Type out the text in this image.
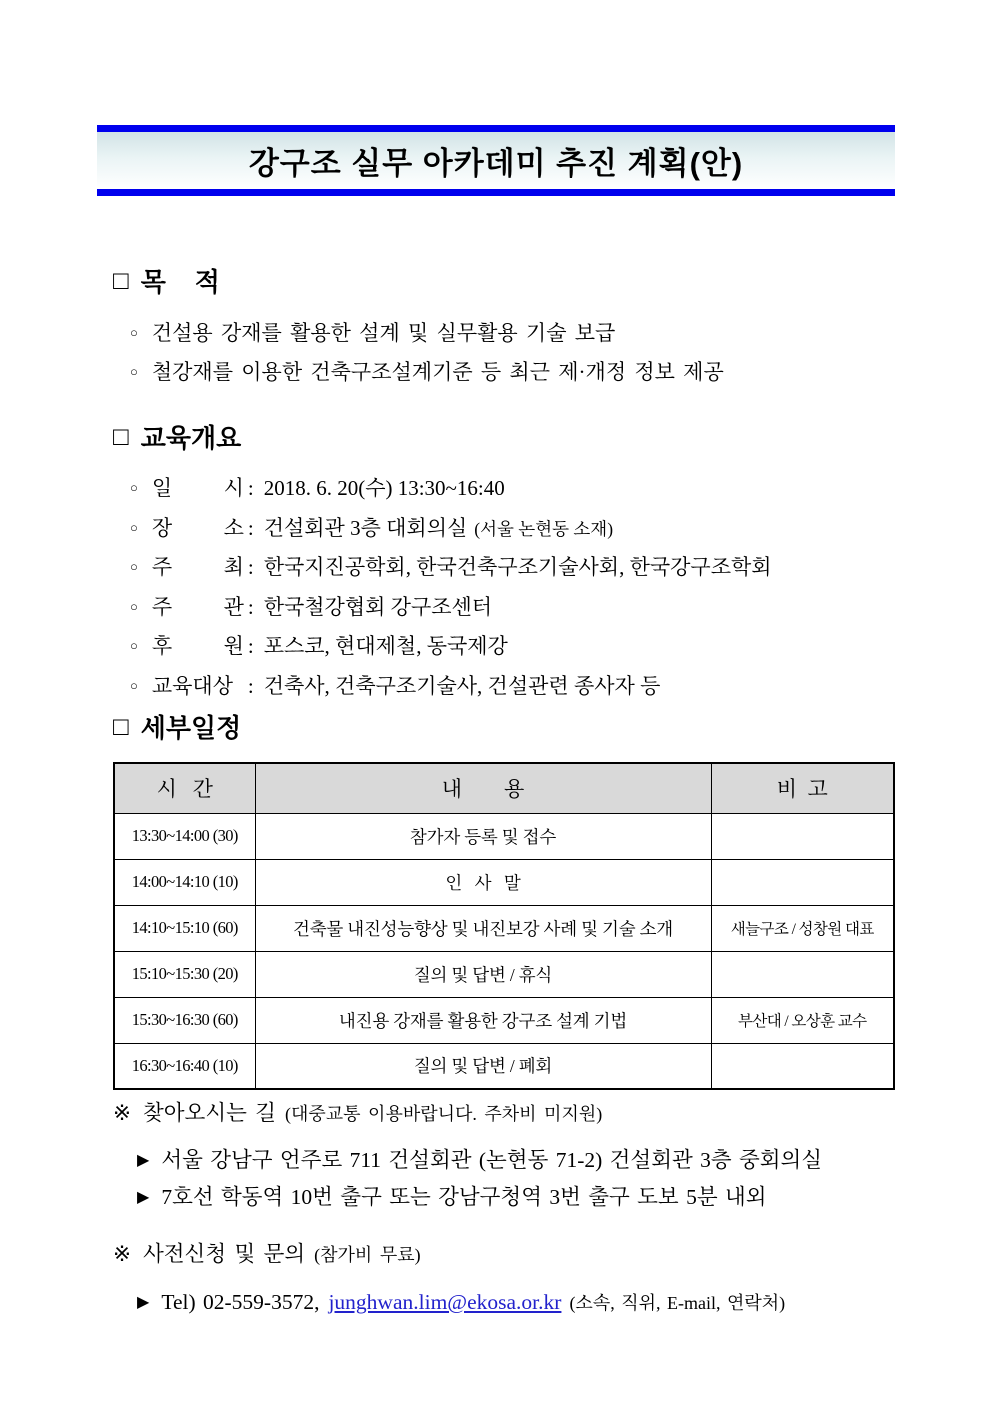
강구조 실무 아카데미 추진 계획(안)
□ 목    적
○ 건설용 강재를 활용한 설계 및 실무활용 기술 보급
○ 철강재를 이용한 건축구조설계기준 등 최근 제·개정 정보 제공
□ 교육개요
○ 일 시 : 2018. 6. 20(수) 13:30~16:40
○ 장 소 : 건설회관 3층 대회의실 (서울 논현동 소재)
○ 주 최 : 한국지진공학회, 한국건축구조기술사회, 한국강구조학회
○ 주 관 : 한국철강협회 강구조센터
○ 후 원 : 포스코, 현대제철, 동국제강
○ 교육대상 : 건축사, 건축구조기술사, 건설관련 종사자 등
□ 세부일정
시   간	내        용	비  고
13:30~14:00 (30)	참가자 등록 및 접수	
14:00~14:10 (10)	인   사   말	
14:10~15:10 (60)	건축물 내진성능향상 및 내진보강 사례 및 기술 소개	새늘구조 / 성창원 대표
15:10~15:30 (20)	질의 및 답변 / 휴식	
15:30~16:30 (60)	내진용 강재를 활용한 강구조 설계 기법	부산대 / 오상훈 교수
16:30~16:40 (10)	질의 및 답변 / 폐회	
※ 찾아오시는 길 (대중교통 이용바랍니다. 주차비 미지원)
▶ 서울 강남구 언주로 711 건설회관 (논현동 71-2) 건설회관 3층 중회의실
▶ 7호선 학동역 10번 출구 또는 강남구청역 3번 출구 도보 5분 내외
※ 사전신청 및 문의 (참가비 무료)
▶ Tel) 02-559-3572, junghwan.lim@ekosa.or.kr (소속, 직위, E-mail, 연락처)
